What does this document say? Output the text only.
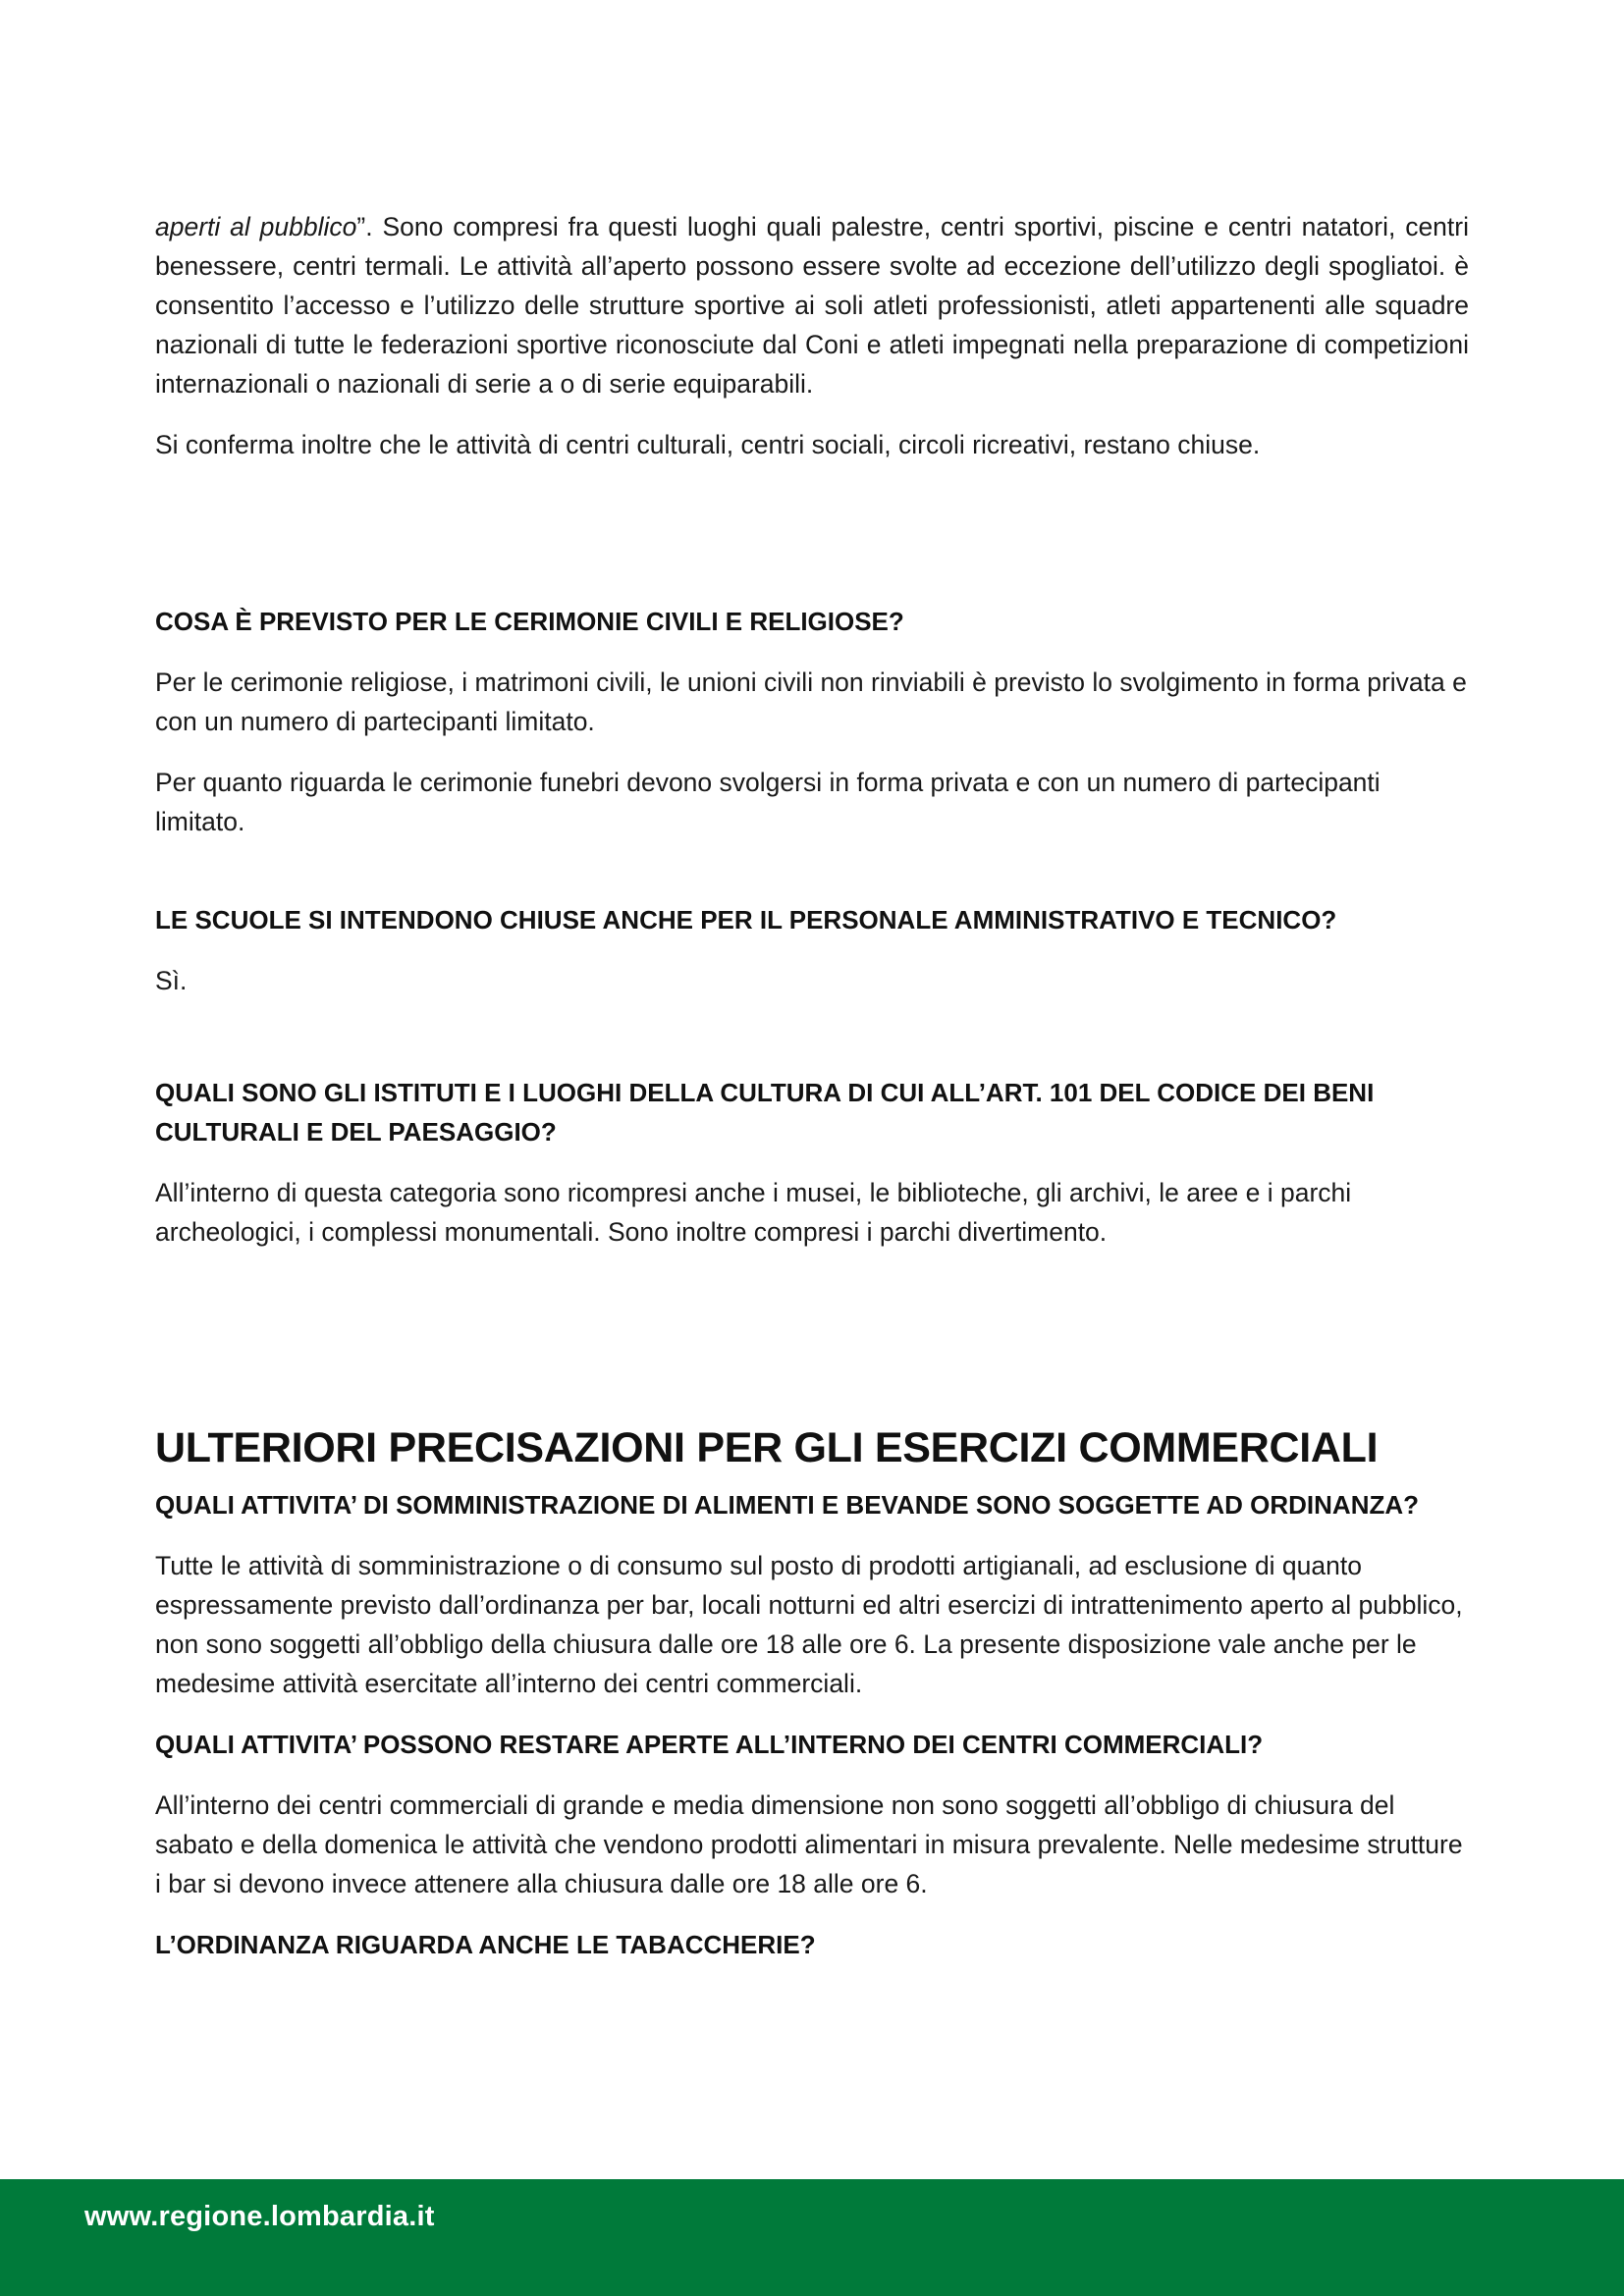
aperti al pubblico”. Sono compresi fra questi luoghi quali palestre, centri sportivi, piscine e centri natatori, centri benessere, centri termali. Le attività all’aperto possono essere svolte ad eccezione dell’utilizzo degli spogliatoi. è consentito l’accesso e l’utilizzo delle strutture sportive ai soli atleti professionisti, atleti appartenenti alle squadre nazionali di tutte le federazioni sportive riconosciute dal Coni e atleti impegnati nella preparazione di competizioni internazionali o nazionali di serie a o di serie equiparabili.

Si conferma inoltre che le attività di centri culturali, centri sociali, circoli ricreativi, restano chiuse.

COSA È PREVISTO PER LE CERIMONIE CIVILI E RELIGIOSE?

Per le cerimonie religiose, i matrimoni civili, le unioni civili non rinviabili è previsto lo svolgimento in forma privata e con un numero di partecipanti limitato.

Per quanto riguarda le cerimonie funebri devono svolgersi in forma privata e con un numero di partecipanti limitato.

LE SCUOLE SI INTENDONO CHIUSE ANCHE PER IL PERSONALE AMMINISTRATIVO E TECNICO?

Sì.

QUALI SONO GLI ISTITUTI E I LUOGHI DELLA CULTURA DI CUI ALL’ART. 101 DEL CODICE DEI BENI CULTURALI E DEL PAESAGGIO?

All’interno di questa categoria sono ricompresi anche i musei, le biblioteche, gli archivi, le aree e i parchi archeologici, i complessi monumentali. Sono inoltre compresi i parchi divertimento.

ULTERIORI PRECISAZIONI PER GLI ESERCIZI COMMERCIALI
QUALI ATTIVITA’ DI SOMMINISTRAZIONE DI ALIMENTI E BEVANDE SONO SOGGETTE AD ORDINANZA?

Tutte le attività di somministrazione o di consumo sul posto di prodotti artigianali, ad esclusione di quanto espressamente previsto dall’ordinanza per bar, locali notturni ed altri esercizi di intrattenimento aperto al pubblico, non sono soggetti all’obbligo della chiusura dalle ore 18 alle ore 6. La presente disposizione vale anche per le medesime attività esercitate all’interno dei centri commerciali.

QUALI ATTIVITA’ POSSONO RESTARE APERTE ALL’INTERNO DEI CENTRI COMMERCIALI?

All’interno dei centri commerciali di grande e media dimensione non sono soggetti all’obbligo di chiusura del sabato e della domenica le attività che vendono prodotti alimentari in misura prevalente. Nelle medesime strutture i bar si devono invece attenere alla chiusura dalle ore 18 alle ore 6.

L’ORDINANZA RIGUARDA ANCHE LE TABACCHERIE?
www.regione.lombardia.it
